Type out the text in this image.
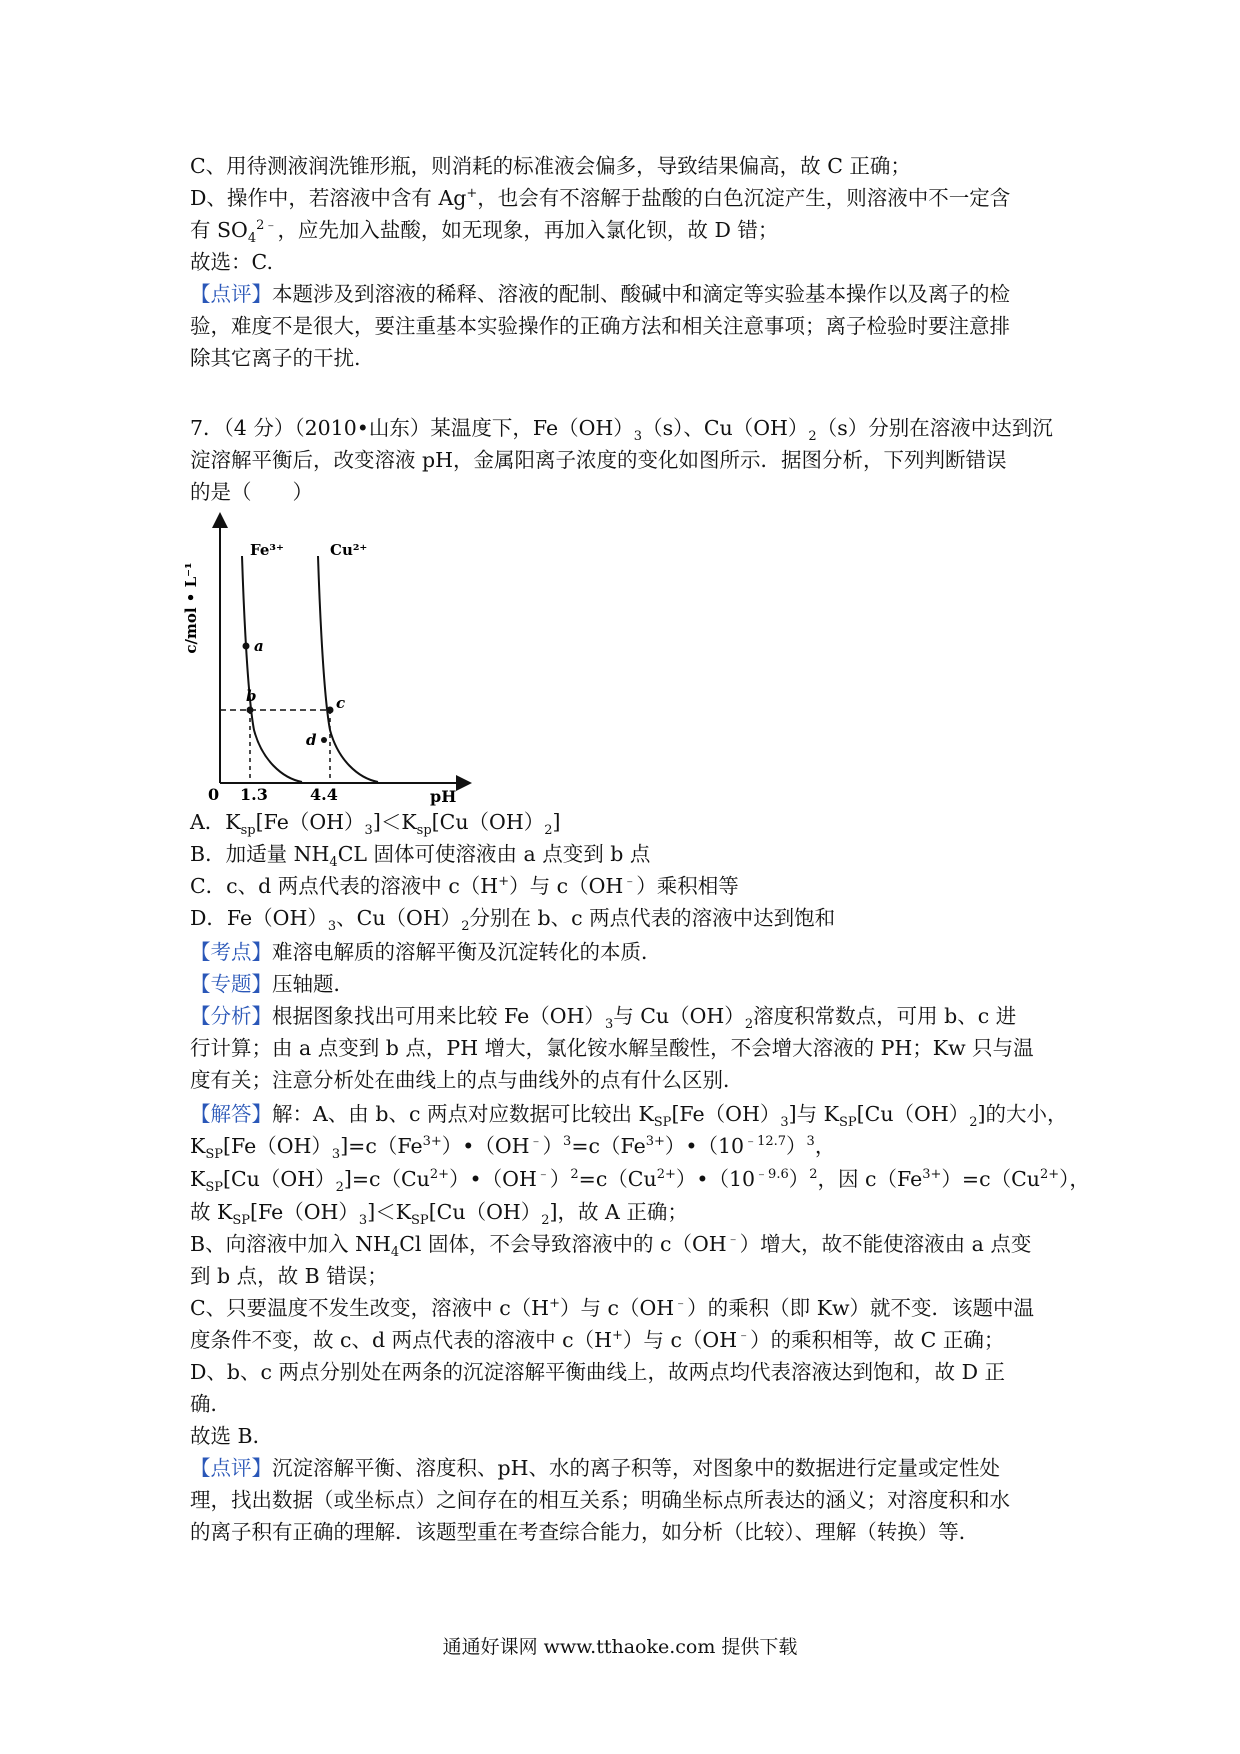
C、用待测液润洗锥形瓶，则消耗的标准液会偏多，导致结果偏高，故 C 正确；
D、操作中，若溶液中含有 Ag+，也会有不溶解于盐酸的白色沉淀产生，则溶液中不一定含
有 $SO_4^{2﹣}$，应先加入盐酸，如无现象，再加入氯化钡，故 D 错；
故选：C.
【点评】本题涉及到溶液的稀释、溶液的配制、酸碱中和滴定等实验基本操作以及离子的检
验，难度不是很大，要注重基本实验操作的正确方法和相关注意事项；离子检验时要注意排
除其它离子的干扰.
7．（4 分）（2010•山东）某温度下，$Fe(OH)_3(s)$、$Cu(OH)_2(s)$分别在溶液中达到沉
淀溶解平衡后，改变溶液 pH，金属阳离子浓度的变化如图所示．据图分析，下列判断错误
的是（　　）
c/mol • L⁻¹
pH
0 1.3	4.4
Fe³⁺	Cu²⁺
a
b	c
d
A．$K_{sp}[Fe(OH)_3]<K_{sp}[Cu(OH)_2]$
B．加适量 $NH_4CL$ 固体可使溶液由 a 点变到 b 点
C．c、d 两点代表的溶液中 c（H+）与 c（OH﹣）乘积相等
D．$Fe(OH)_3$、$Cu(OH)_2$分别在 b、c 两点代表的溶液中达到饱和
【考点】难溶电解质的溶解平衡及沉淀转化的本质．
【专题】压轴题．
【分析】根据图象找出可用来比较 $Fe(OH)_3$与 $Cu(OH)_2$溶度积常数点，可用 b、c 进
行计算；由 a 点变到 b 点，PH 增大，氯化铵水解呈酸性，不会增大溶液的 PH；Kw 只与温
度有关；注意分析处在曲线上的点与曲线外的点有什么区别．
【解答】解：A、由 b、c 两点对应数据可比较出 $K_{SP}[Fe(OH)_3]$与 $K_{SP}[Cu(OH)_2]$的大小，
$K_{SP}[Fe(OH)_3]=c(Fe^{3+})•(OH^﹣)^3=c(Fe^{3+})•(10^{﹣12.7})^3$，
$K_{SP}[Cu(OH)_2]=c(Cu^{2+})•(OH^﹣)^2=c(Cu^{2+})•(10^{﹣9.6})^2$，因 $c(Fe^{3+})=c(Cu^{2+})$，
故 $K_{SP}[Fe(OH)_3]<K_{SP}[Cu(OH)_2]$，故 A 正确；
B、向溶液中加入 $NH_4Cl$ 固体，不会导致溶液中的 c（OH﹣）增大，故不能使溶液由 a 点变
到 b 点，故 B 错误；
C、只要温度不发生改变，溶液中 c（H+）与 c（OH﹣）的乘积（即 Kw）就不变．该题中温
度条件不变，故 c、d 两点代表的溶液中 c（H+）与 c（OH﹣）的乘积相等，故 C 正确；
D、b、c 两点分别处在两条的沉淀溶解平衡曲线上，故两点均代表溶液达到饱和，故 D 正
确．
故选 B．
【点评】沉淀溶解平衡、溶度积、pH、水的离子积等，对图象中的数据进行定量或定性处
理，找出数据（或坐标点）之间存在的相互关系；明确坐标点所表达的涵义；对溶度积和水
的离子积有正确的理解．该题型重在考查综合能力，如分析（比较）、理解（转换）等．
通通好课网 www.tthaoke.com 提供下载
